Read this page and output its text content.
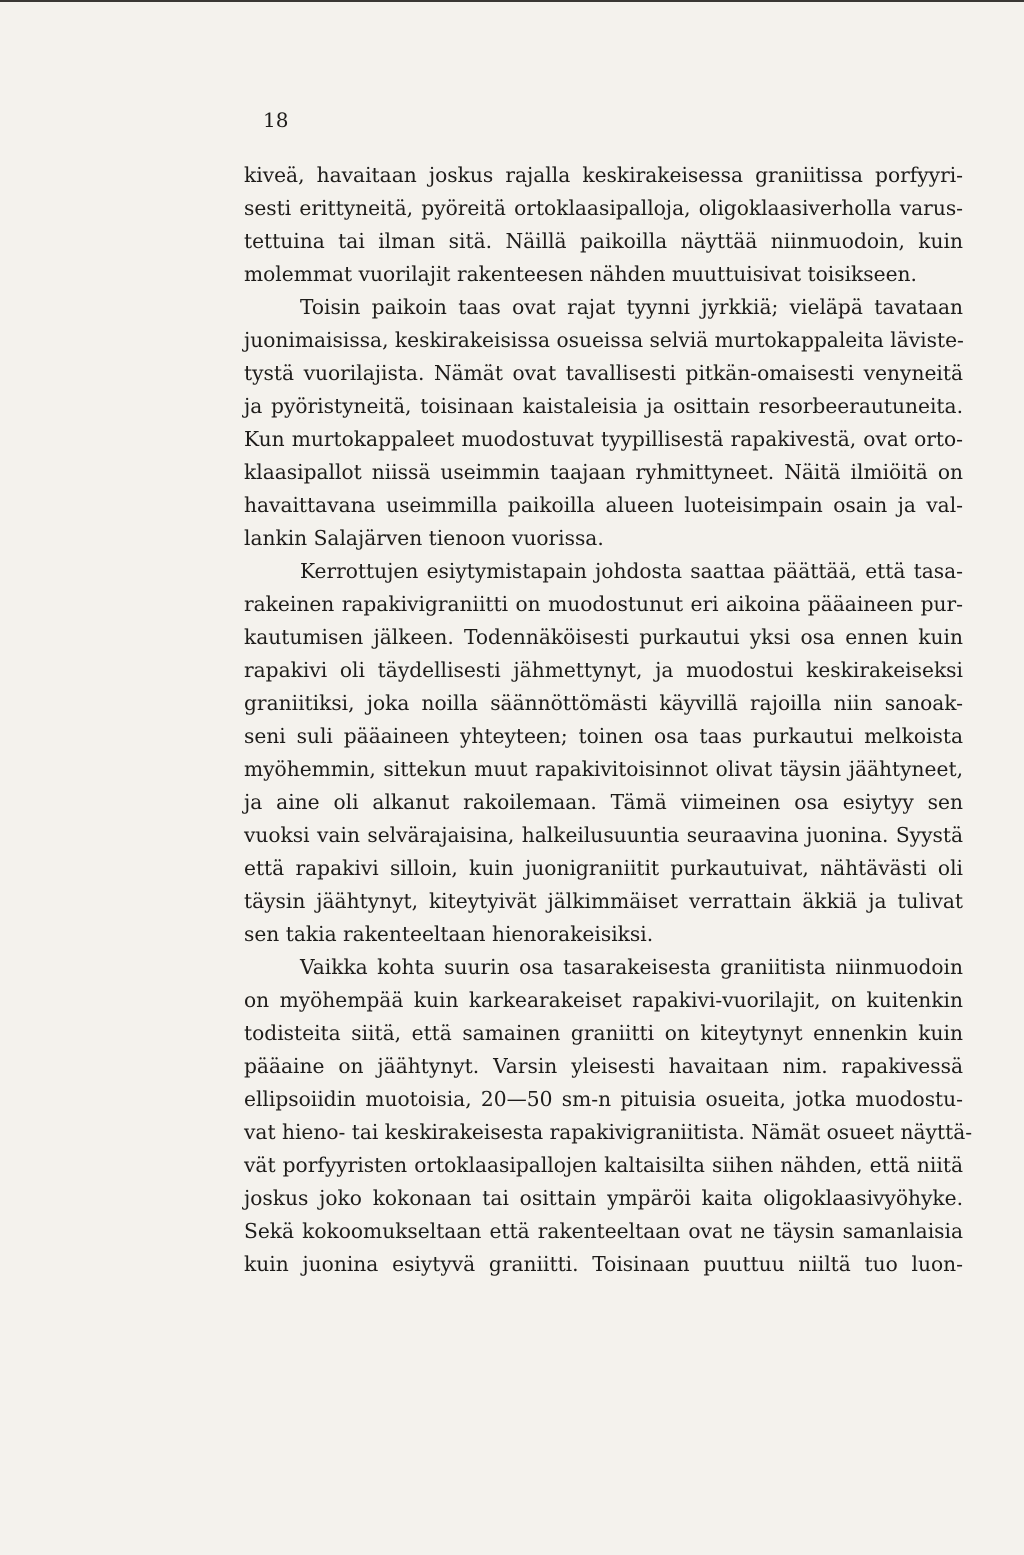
18

kiveä, havaitaan joskus rajalla keskirakeisessa graniitissa porfyyri-
sesti erittyneitä, pyöreitä ortoklaasipalloja, oligoklaasiverholla varus-
tettuina tai ilman sitä. Näillä paikoilla näyttää niinmuodoin, kuin
molemmat vuorilajit rakenteesen nähden muuttuisivat toisikseen.

Toisin paikoin taas ovat rajat tyynni jyrkkiä; vieläpä tavataan
juonimaisissa, keskirakeisissa osueissa selviä murtokappaleita läviste-
tystä vuorilajista. Nämät ovat tavallisesti pitkän-omaisesti venyneitä
ja pyöristyneitä, toisinaan kaistaleisia ja osittain resorbeerautuneita.
Kun murtokappaleet muodostuvat tyypillisestä rapakivestä, ovat orto-
klaasipallot niissä useimmin taajaan ryhmittyneet. Näitä ilmiöitä on
havaittavana useimmilla paikoilla alueen luoteisimpain osain ja val-
lankin Salajärven tienoon vuorissa.

Kerrottujen esiytymistapain johdosta saattaa päättää, että tasa-
rakeinen rapakivigraniitti on muodostunut eri aikoina pääaineen pur-
kautumisen jälkeen. Todennäköisesti purkautui yksi osa ennen kuin
rapakivi oli täydellisesti jähmettynyt, ja muodostui keskirakeiseksi
graniitiksi, joka noilla säännöttömästi käyvillä rajoilla niin sanoak-
seni suli pääaineen yhteyteen; toinen osa taas purkautui melkoista
myöhemmin, sittekun muut rapakivitoisinnot olivat täysin jäähtyneet,
ja aine oli alkanut rakoilemaan. Tämä viimeinen osa esiytyy sen
vuoksi vain selvärajaisina, halkeilusuuntia seuraavina juonina. Syystä
että rapakivi silloin, kuin juonigraniitit purkautuivat, nähtävästi oli
täysin jäähtynyt, kiteytyivät jälkimmäiset verrattain äkkiä ja tulivat
sen takia rakenteeltaan hienorakeisiksi.

Vaikka kohta suurin osa tasarakeisesta graniitista niinmuodoin
on myöhempää kuin karkearakeiset rapakivi-vuorilajit, on kuitenkin
todisteita siitä, että samainen graniitti on kiteytynyt ennenkin kuin
pääaine on jäähtynyt. Varsin yleisesti havaitaan nim. rapakivessä
ellipsoiidin muotoisia, 20—50 sm-n pituisia osueita, jotka muodostu-
vat hieno- tai keskirakeisesta rapakivigraniitista. Nämät osueet näyttä-
vät porfyyristen ortoklaasipallojen kaltaisilta siihen nähden, että niitä
joskus joko kokonaan tai osittain ympäröi kaita oligoklaasivyöhyke.
Sekä kokoomukseltaan että rakenteeltaan ovat ne täysin samanlaisia
kuin juonina esiytyvä graniitti. Toisinaan puuttuu niiltä tuo luon-
